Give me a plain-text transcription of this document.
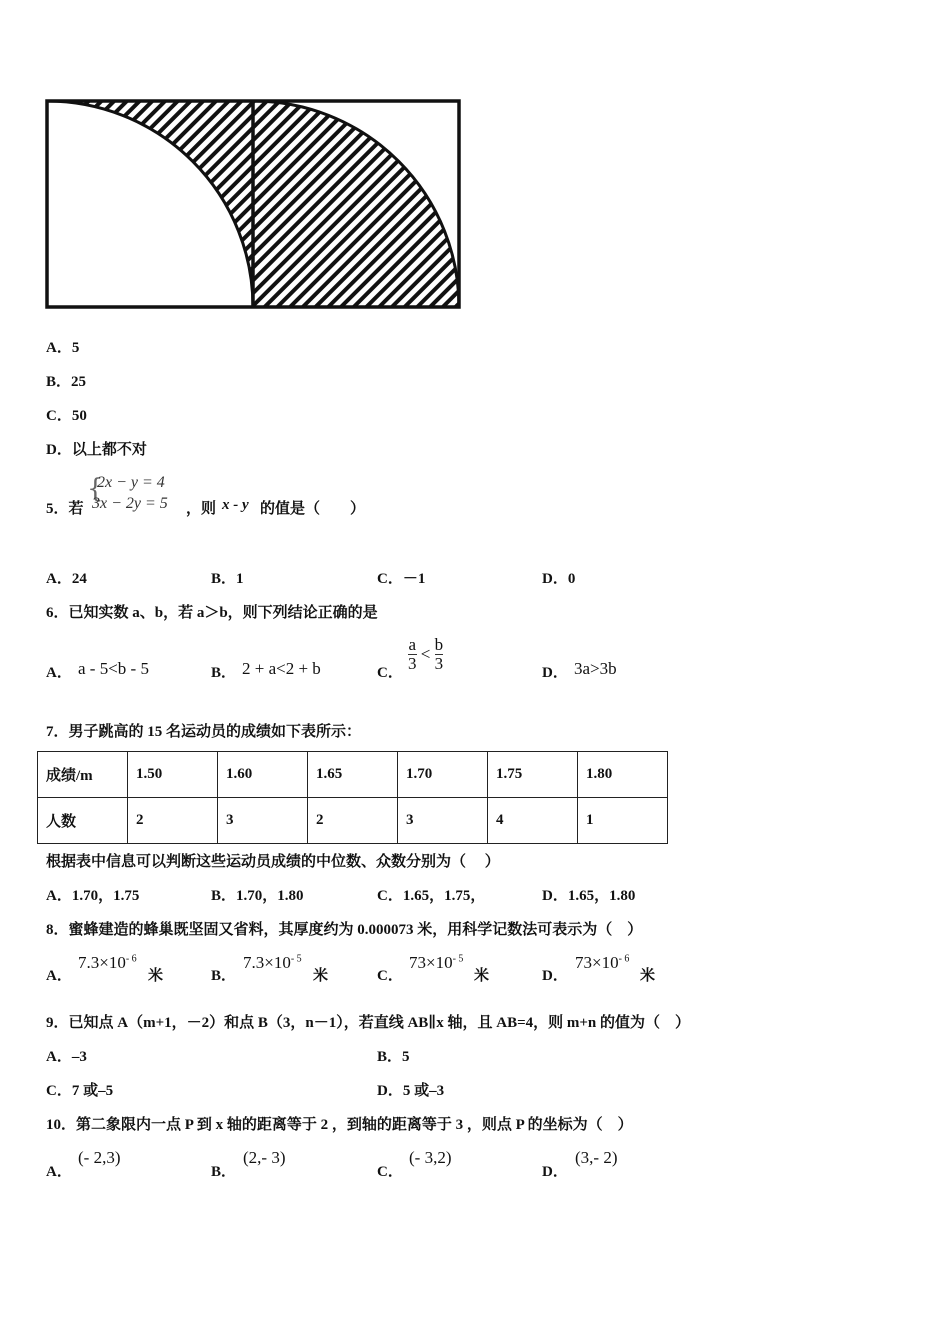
A．5
B．25
C．50
D．以上都不对
5．若
{
2x − y = 4
3x − 2y = 5 ，则 x - y 的值是（　　）
A．24	B．1	C．－1	D．0
6．已知实数 a、b，若 a＞b，则下列结论正确的是
A． a - 5<b - 5	B． 2 + a<2 + b	C． $\frac{a}{3} < \frac{b}{3}$	D． 3a>3b
7．男子跳高的 15 名运动员的成绩如下表所示：
成绩/m	1.50	1.60	1.65	1.70	1.75	1.80
人数	2	3	2	3	4	1
根据表中信息可以判断这些运动员成绩的中位数、众数分别为（　 ）
A．1.70，1.75	B．1.70，1.80	C．1.65，1.75，	D．1.65，1.80
8．蜜蜂建造的蜂巢既坚固又省料，其厚度约为 0.000073 米，用科学记数法可表示为（　）
A．
$7.3\times 10^{- 6}$
米	B．
$7.3\times 10^{- 5}$
米	C．
$73\times 10^{- 5}$
米	D．
$73\times 10^{- 6}$
米
9．已知点 A（m+1，－2）和点 B（3，n－1），若直线 AB∥x 轴，且 AB=4，则 m+n 的值为（　）
A．–3	B．5
C．7 或–5	D．5 或–3
10．第二象限内一点 P 到 x 轴的距离等于 2 ，到轴的距离等于 3 ，则点 P 的坐标为（　）
A．
(- 2,3)
B．
(2,- 3)
C．
(- 3,2)
D．
(3,- 2)
